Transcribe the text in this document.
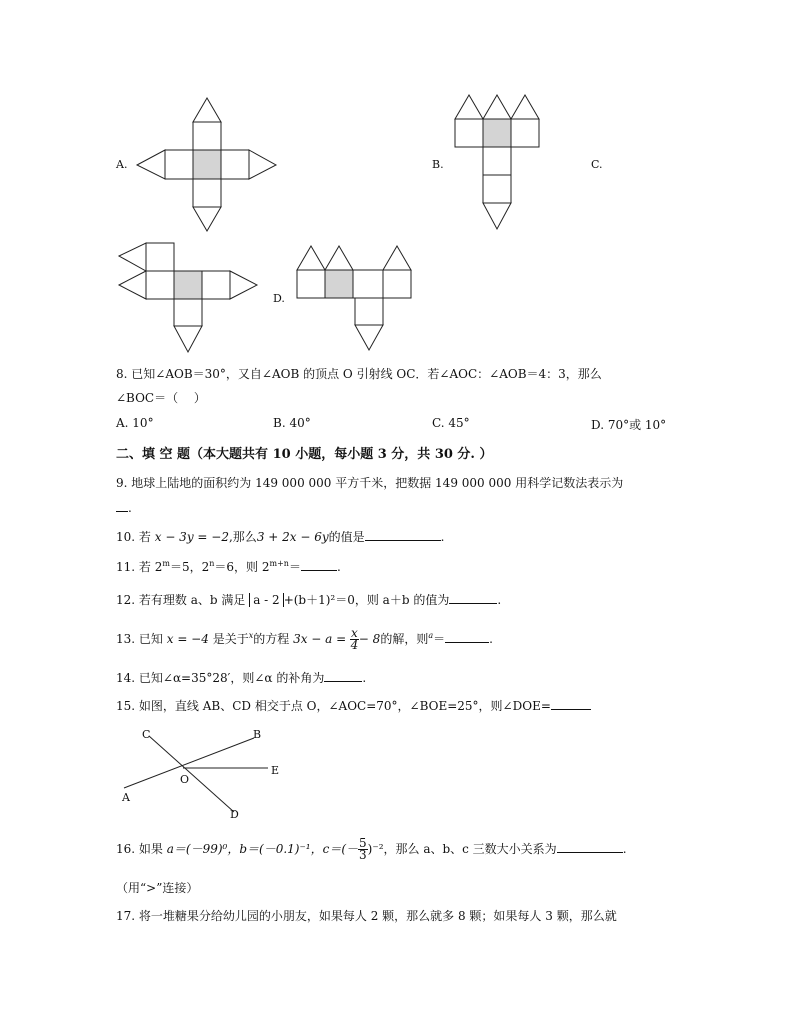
A.	B.	C.
D.
8. 已知∠AOB＝30°，又自∠AOB 的顶点 O 引射线 OC．若∠AOC：∠AOB＝4：3，那么
∠BOC＝（　 ）
A. 10°	B. 40°	C. 45°	D. 70°或 10°
二、填 空 题（本大题共有 10 小题，每小题 3 分，共 30 分. ）
9. 地球上陆地的面积约为 149 000 000 平方千米，把数据 149 000 000 用科学记数法表示为
.
10. 若 x − 3y = −2,那么3 + 2x − 6y的值是	.
11. 若 $2^m=5$，$2^n=6$，则 $2^{m+n}=$	.
12. 若有理数 a、b 满足 a - 2 +(b＋1)²＝0，则 a＋b 的值为	.
13. 已知 x = −4 是关于$^x$的方程 $3x - a = \frac{x}{4} - 8$的解，则$^a$＝	.
14. 已知∠α=35°28′，则∠α 的补角为	.
15. 如图，直线 AB、CD 相交于点 O，∠AOC=70°，∠BOE=25°，则∠DOE=
C	B
E
O
A
D
16. 如果 a＝(－99)⁰，b＝(－0.1)⁻¹，$c=(- \frac{5}{3} )^{-2}$，那么 a、b、c 三数大小关系为	.
（用“>”连接）
17. 将一堆糖果分给幼儿园的小朋友，如果每人 2 颗，那么就多 8 颗；如果每人 3 颗，那么就
